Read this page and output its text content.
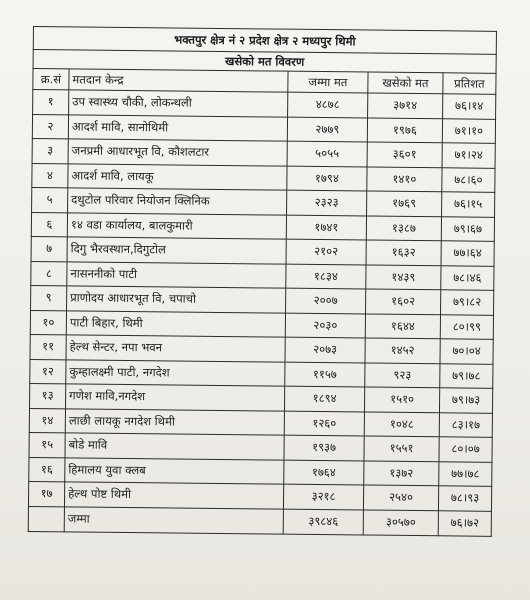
भक्तपुर क्षेत्र नं २ प्रदेश क्षेत्र २ मध्यपुर थिमी				
खसेको मत विवरण				
क्र.सं	मतदान केन्द्र	जम्मा मत	खसेको मत	प्रतिशत
१	उप स्वास्थ्य चौकी, लोकन्थली	४८७८	३७१४	७६।१४
२	आदर्श मावि, सानोथिमी	२७७९	१९७६	७१।१०
३	जनप्रमी आधारभूत वि, कौशलटार	५०५५	३६०१	७१।२४
४	आदर्श मावि, लायकू	१७९४	१४१०	७८।६०
५	दथुटोल परिवार नियोजन क्लिनिक	२३२३	१७६९	७६।१५
६	१४ वडा कार्यालय, बालकुमारी	१७४१	१३८७	७९।६७
७	दिगु भैरवस्थान,दिगुटोल	२१०२	१६३२	७७।६४
८	नासननीको पाटी	१८३४	१४३९	७८।४६
९	प्राणोदय आधारभूत वि, चपाचो	२००७	१६०२	७९।८२
१०	पाटी बिहार, थिमी	२०३०	१६४४	८०।९९
११	हेल्थ सेन्टर, नपा भवन	२०७३	१४५२	७०।०४
१२	कुम्हालक्ष्मी पाटी, नगदेश	११५७	९२३	७९।७८
१३	गणेश मावि,नगदेश	१८९४	१५१०	७९।७३
१४	लाछी लायकू नगदेश थिमी	१२६०	१०४८	८३।१७
१५	बोडे मावि	१९३७	१५५१	८०।०७
१६	हिमालय युवा क्लब	१७६४	१३७२	७७।७८
१७	हेल्थ पोष्ट थिमी	३२१८	२५४०	७८।९३
	जम्मा	३९८४६	३०५७०	७६।७२
